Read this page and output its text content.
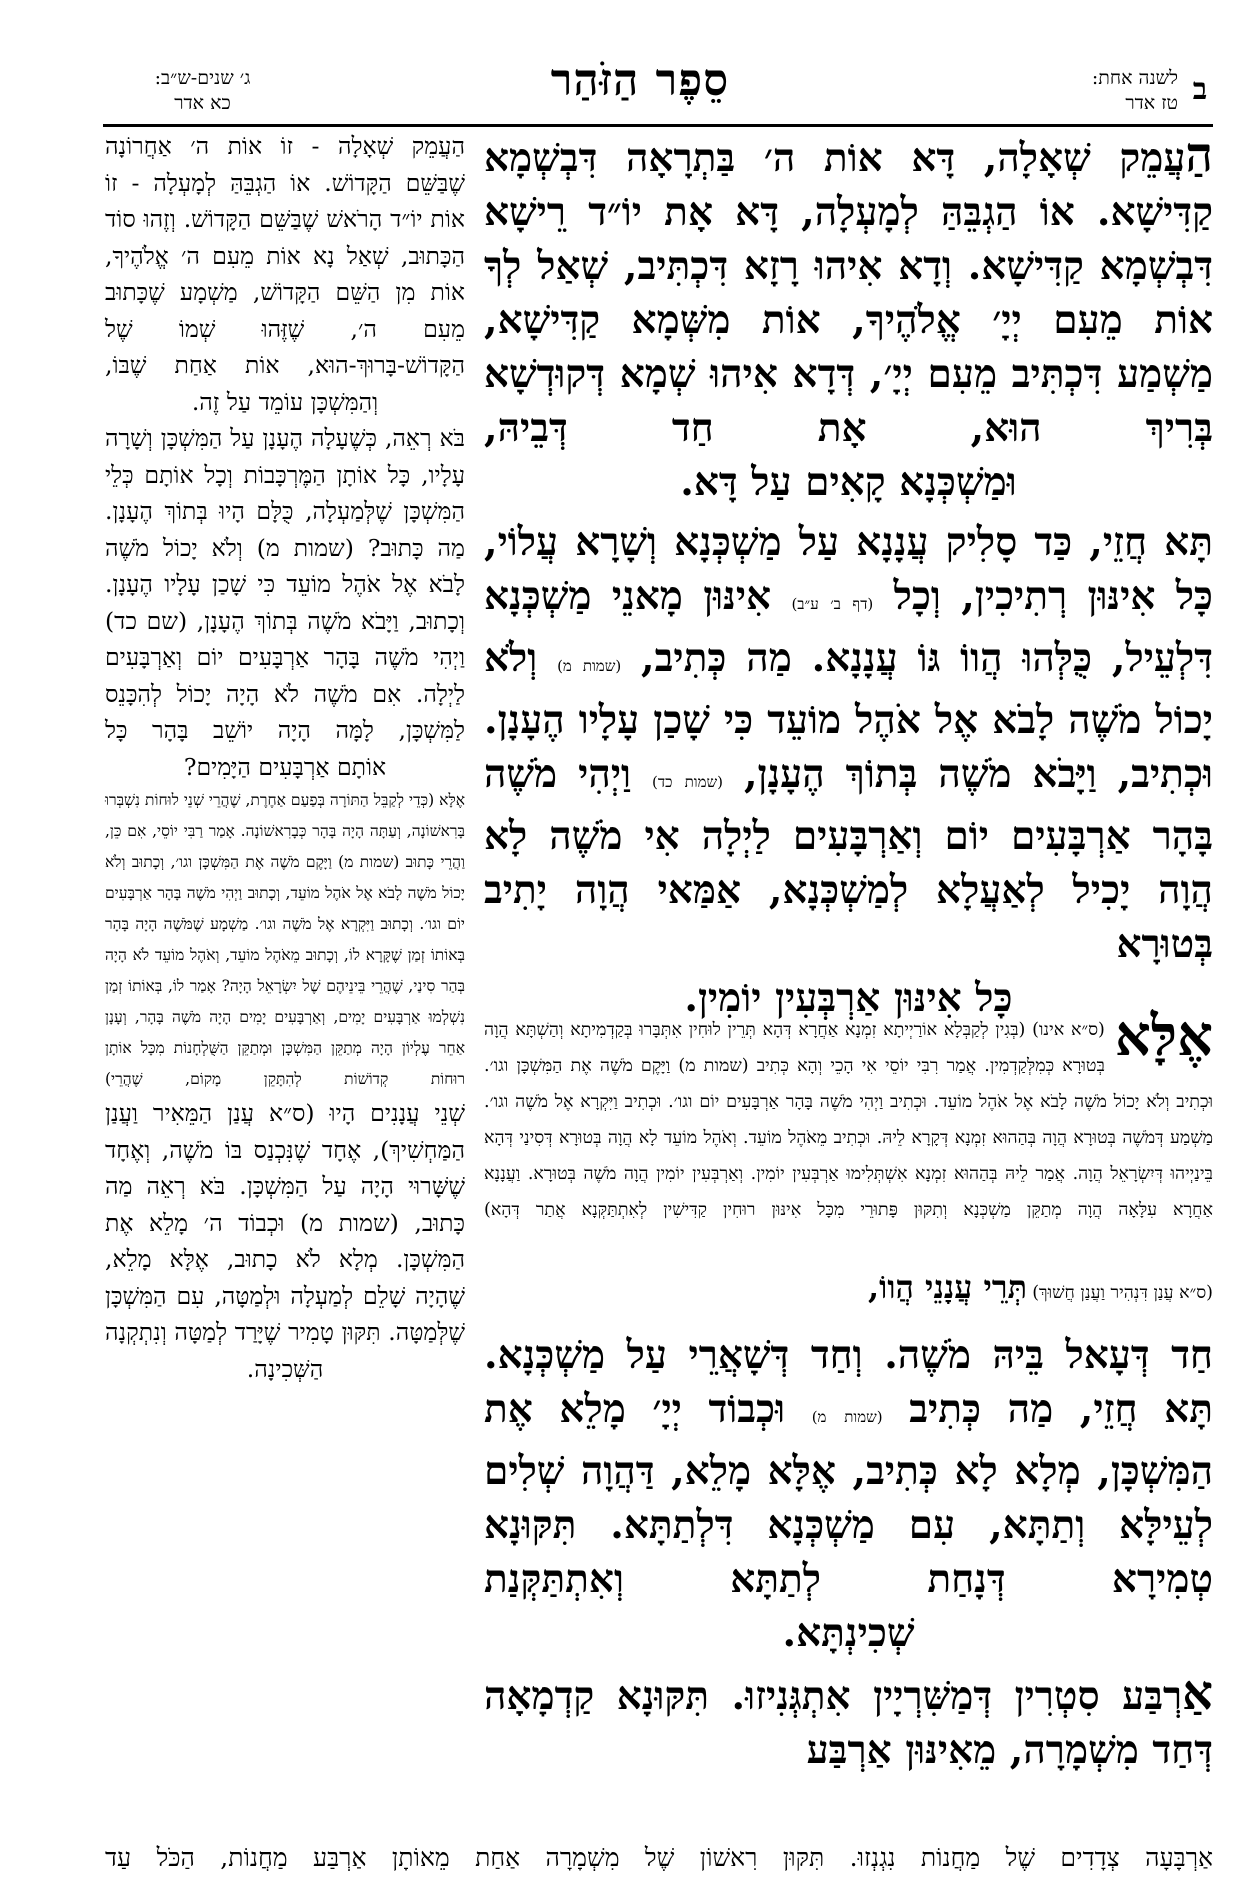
ב
לשנה אחת:
טז אדר
סֵפֶר הַזֹּהַר
ג׳ שנים-ש״ב:
כא אדר

הַעֲמֵק שְׁאָלָה, דָּא אוֹת ה׳ בַּתְרָאָה דִּבְשְׁמָא קַדִּישָׁא. אוֹ הַגְבֵּהַּ לְמָעְלָה, דָּא אָת יוֹ״ד רֵישָׁא דִּבְשְׁמָא קַדִּישָׁא. וְדָא אִיהוּ רָזָא דִּכְתִּיב, שְׁאַל לְךָ אוֹת מֵעִם יְיָ׳ אֱלֹהֶיךָ, אוֹת מִשְּׁמָא קַדִּישָׁא, מַשְׁמַע דִּכְתִּיב מֵעִם יְיָ׳, דְּדָא אִיהוּ שְׁמָא דְּקוּדְשָׁא בְּרִיךְ הוּא, אָת חַד דְּבֵיהּ,

וּמַשְׁכְּנָא קָאִים עַל דָּא.

תָּא חֲזֵי, כַּד סָלִיק עֲנָנָא עַל מַשְׁכְּנָא וְשָׁרָא עֲלוֹי, כָּל אִינּוּן רְתִיכִין, וְכָל (דף ב׳ ע״ב) אִינּוּן מָאנֵי מַשְׁכְּנָא דִּלְעֵיל, כֻּלְּהוּ הֲווֹ גּוֹ עֲנָנָא. מַה כְּתִיב, (שמות מ) וְלֹא יָכוֹל מֹשֶׁה לָבֹא אֶל אֹהֶל מוֹעֵד כִּי שָׁכַן עָלָיו הֶעָנָן. וּכְתִיב, וַיָּבֹא מֹשֶׁה בְּתוֹךְ הֶעָנָן, (שמות כד) וַיְהִי מֹשֶׁה בָּהָר אַרְבָּעִים יוֹם וְאַרְבָּעִים לַיְלָה אִי מֹשֶׁה לָא הֲוָה יָכִיל לְאַעֲלָא לְמַשְׁכְּנָא, אַמַּאי הֲוָה יָתִיב בְּטוּרָא

כָּל אִינּוּן אַרְבְּעִין יוֹמִין.

אֶלָּא

(ס״א אינו) (בְּגִין לְקַבְּלָא אוֹרַיְיתָא זִמְנָא אַחֲרָא דְּהָא תְּרֵין לוּחִין אִתְּבָּרוּ בְּקַדְמִיתָא וְהַשְׁתָּא הֲוָה בְּטוּרָא כְּמִלְּקַדְמִין. אֲמַר רִבִּי יוֹסֵי אִי הָכֵי וְהָא כְּתִיב (שמות מ) וַיָּקֶם מֹשֶׁה אֶת הַמִּשְׁכָּן וגו׳. וּכְתִיב וְלֹא יָכוֹל מֹשֶׁה לָבֹא אֶל אֹהֶל מוֹעֵד. וּכְתִיב וַיְהִי מֹשֶׁה בָּהָר אַרְבָּעִים יוֹם וגו׳. וּכְתִיב וַיִּקְרָא אֶל מֹשֶׁה וגו׳. מַשְׁמַע דְּמֹשֶׁה בְּטוּרָא הֲוָה בְּהַהוּא זִמְנָא דְּקָרָא לֵיהּ. וּכְתִיב מֵאֹהֶל מוֹעֵד. וְאֹהֶל מוֹעֵד לָא הֲוָה בְּטוּרָא דְּסִינַי דְּהָא בֵּינַיְיהוּ דְּיִשְׂרָאֵל הֲוָה. אֲמַר לֵיהּ בְּהַהוּא זִמְנָא אִשְׁתְּלִימוּ אַרְבְּעִין יוֹמִין. וְאַרְבְּעִין יוֹמִין הֲוָה מֹשֶׁה בְּטוּרָא. וַעֲנָנָא אַחֲרָא עִלָּאָה הֲוָה מְתַקֵּן מַשְׁכְּנָא וְתִקּוּן פָּתוּרֵי מִכָּל אִינּוּן רוּחִין קַדִּישִׁין לְאִתְתַּקְּנָא אֲתַר דְּהָא)

(ס״א עֲנַן דִּנְהִיר וַעֲנַן חֲשׁוּךְ) תְּרֵי עֲנָנֵי הֲווֹ,

חַד דְּעָאל בֵּיהּ מֹשֶׁה. וְחַד דְּשָׁאֲרֵי עַל מַשְׁכְּנָא. תָּא חֲזֵי, מַה כְּתִיב (שמות מ) וּכְבוֹד יְיָ׳ מָלֵא אֶת הַמִּשְׁכָּן, מְלָא לָא כְּתִיב, אֶלָּא מָלֵא, דַּהֲוָה שְׁלִים לְעֵילָּא וְתַתָּא, עִם מַשְׁכְּנָא דִּלְתַתָּא. תִּקּוּנָא טְמִירָא דְּנָחַת לְתַתָּא וְאִתְתַּקְּנַת

שְׁכִינְתָּא.

אַרְבַּע סִטְרִין דְּמַשִּׁרְיָין אִתְגְּנִיזוּ. תִּקּוּנָא קַדְמָאָה דְּחַד מִשְׁמָרָה, מֵאִינּוּן אַרְבַּע

הַעֲמֵק שְׁאָלָה - זוֹ אוֹת ה׳ אַחֲרוֹנָה שֶׁבַּשֵּׁם הַקָּדוֹשׁ. אוֹ הַגְבֵּהַּ לְמָעְלָה - זוֹ אוֹת יוֹ״ד הָרֹאשׁ שֶׁבַּשֵּׁם הַקָּדוֹשׁ. וְזֶהוּ סוֹד הַכָּתוּב, שְׁאַל נָא אוֹת מֵעִם ה׳ אֱלֹהֶיךָ, אוֹת מִן הַשֵּׁם הַקָּדוֹשׁ, מַשְׁמָע שֶׁכָּתוּב מֵעִם ה׳, שֶׁזֶּהוּ שְׁמוֹ שֶׁל הַקָּדוֹשׁ-בָּרוּךְ-הוּא, אוֹת אַחַת שֶׁבּוֹ,

וְהַמִּשְׁכָּן עוֹמֵד עַל זֶה.

בֹּא רְאֵה, כְּשֶׁעָלָה הֶעָנָן עַל הַמִּשְׁכָּן וְשָׁרָה עָלָיו, כָּל אוֹתָן הַמֶּרְכָּבוֹת וְכָל אוֹתָם כְּלֵי הַמִּשְׁכָּן שֶׁלְּמַעְלָה, כֻּלָּם הָיוּ בְּתוֹךְ הֶעָנָן. מַה כָּתוּב? (שמות מ) וְלֹא יָכוֹל מֹשֶׁה לָבֹא אֶל אֹהֶל מוֹעֵד כִּי שָׁכַן עָלָיו הֶעָנָן. וְכָתוּב, וַיָּבֹא מֹשֶׁה בְּתוֹךְ הֶעָנָן, (שם כד) וַיְהִי מֹשֶׁה בָּהָר אַרְבָּעִים יוֹם וְאַרְבָּעִים לַיְלָה. אִם מֹשֶׁה לֹא הָיָה יָכוֹל לְהִכָּנֵס לַמִּשְׁכָּן, לָמָּה הָיָה יוֹשֵׁב בָּהָר כָּל

אוֹתָם אַרְבָּעִים הַיָּמִים?

אֶלָּא (כְּדֵי לְקַבֵּל הַתּוֹרָה בְּפַעַם אַחֶרֶת, שֶׁהֲרֵי שְׁנֵי לוּחוֹת נִשְׁבְּרוּ בָּרִאשׁוֹנָה, וְעַתָּה הָיָה בָּהָר כְּבָרִאשׁוֹנָה. אָמַר רַבִּי יוֹסֵי, אִם כֵּן, וַהֲרֵי כָּתוּב (שמות מ) וַיָּקֶם מֹשֶׁה אֶת הַמִּשְׁכָּן וגו׳, וְכָתוּב וְלֹא יָכוֹל מֹשֶׁה לָבֹא אֶל אֹהֶל מוֹעֵד, וְכָתוּב וַיְהִי מֹשֶׁה בָּהָר אַרְבָּעִים יוֹם וגו׳. וְכָתוּב וַיִּקְרָא אֶל מֹשֶׁה וגו׳. מַשְׁמָע שֶׁמֹּשֶׁה הָיָה בָּהָר בְּאוֹתוֹ זְמַן שֶׁקָּרָא לוֹ, וְכָתוּב מֵאֹהֶל מוֹעֵד, וְאֹהֶל מוֹעֵד לֹא הָיָה בְּהַר סִינַי, שֶׁהֲרֵי בֵּינֵיהֶם שֶׁל יִשְׂרָאֵל הָיָה? אָמַר לוֹ, בְּאוֹתוֹ זְמַן נִשְׁלְמוּ אַרְבָּעִים יָמִים, וְאַרְבָּעִים יָמִים הָיָה מֹשֶׁה בָּהָר, וְעָנָן אַחֵר עֶלְיוֹן הָיָה מְתַקֵּן הַמִּשְׁכָּן וּמְתַקֵּן הַשֻּׁלְחָנוֹת מִכָּל אוֹתָן רוּחוֹת קְדוֹשׁוֹת לְהִתָּקֵן מָקוֹם, שֶׁהֲרֵי)

שְׁנֵי עֲנָנִים הָיוּ (ס״א עֲנַן הַמֵּאִיר וַעֲנַן הַמַּחְשִׁיךְ), אֶחָד שֶׁנִּכְנַס בּוֹ מֹשֶׁה, וְאֶחָד שֶׁשָּׁרוּי הָיָה עַל הַמִּשְׁכָּן. בֹּא רְאֵה מַה כָּתוּב, (שמות מ) וּכְבוֹד ה׳ מָלֵא אֶת הַמִּשְׁכָּן. מְלָא לֹא כָתוּב, אֶלָּא מָלֵא, שֶׁהָיָה שָׁלֵם לְמַעְלָה וּלְמַטָּה, עִם הַמִּשְׁכָּן שֶׁלְּמַטָּה. תִּקּוּן טָמִיר שֶׁיָּרַד לְמַטָּה וְנִתְקְנָה

הַשְּׁכִינָה.

אַרְבָּעָה צְדָדִים שֶׁל מַחֲנוֹת נִגְנְזוּ. תִּקּוּן רִאשׁוֹן שֶׁל מִשְׁמָרָה אַחַת מֵאוֹתָן אַרְבַּע מַחֲנוֹת, הַכֹּל עַד
